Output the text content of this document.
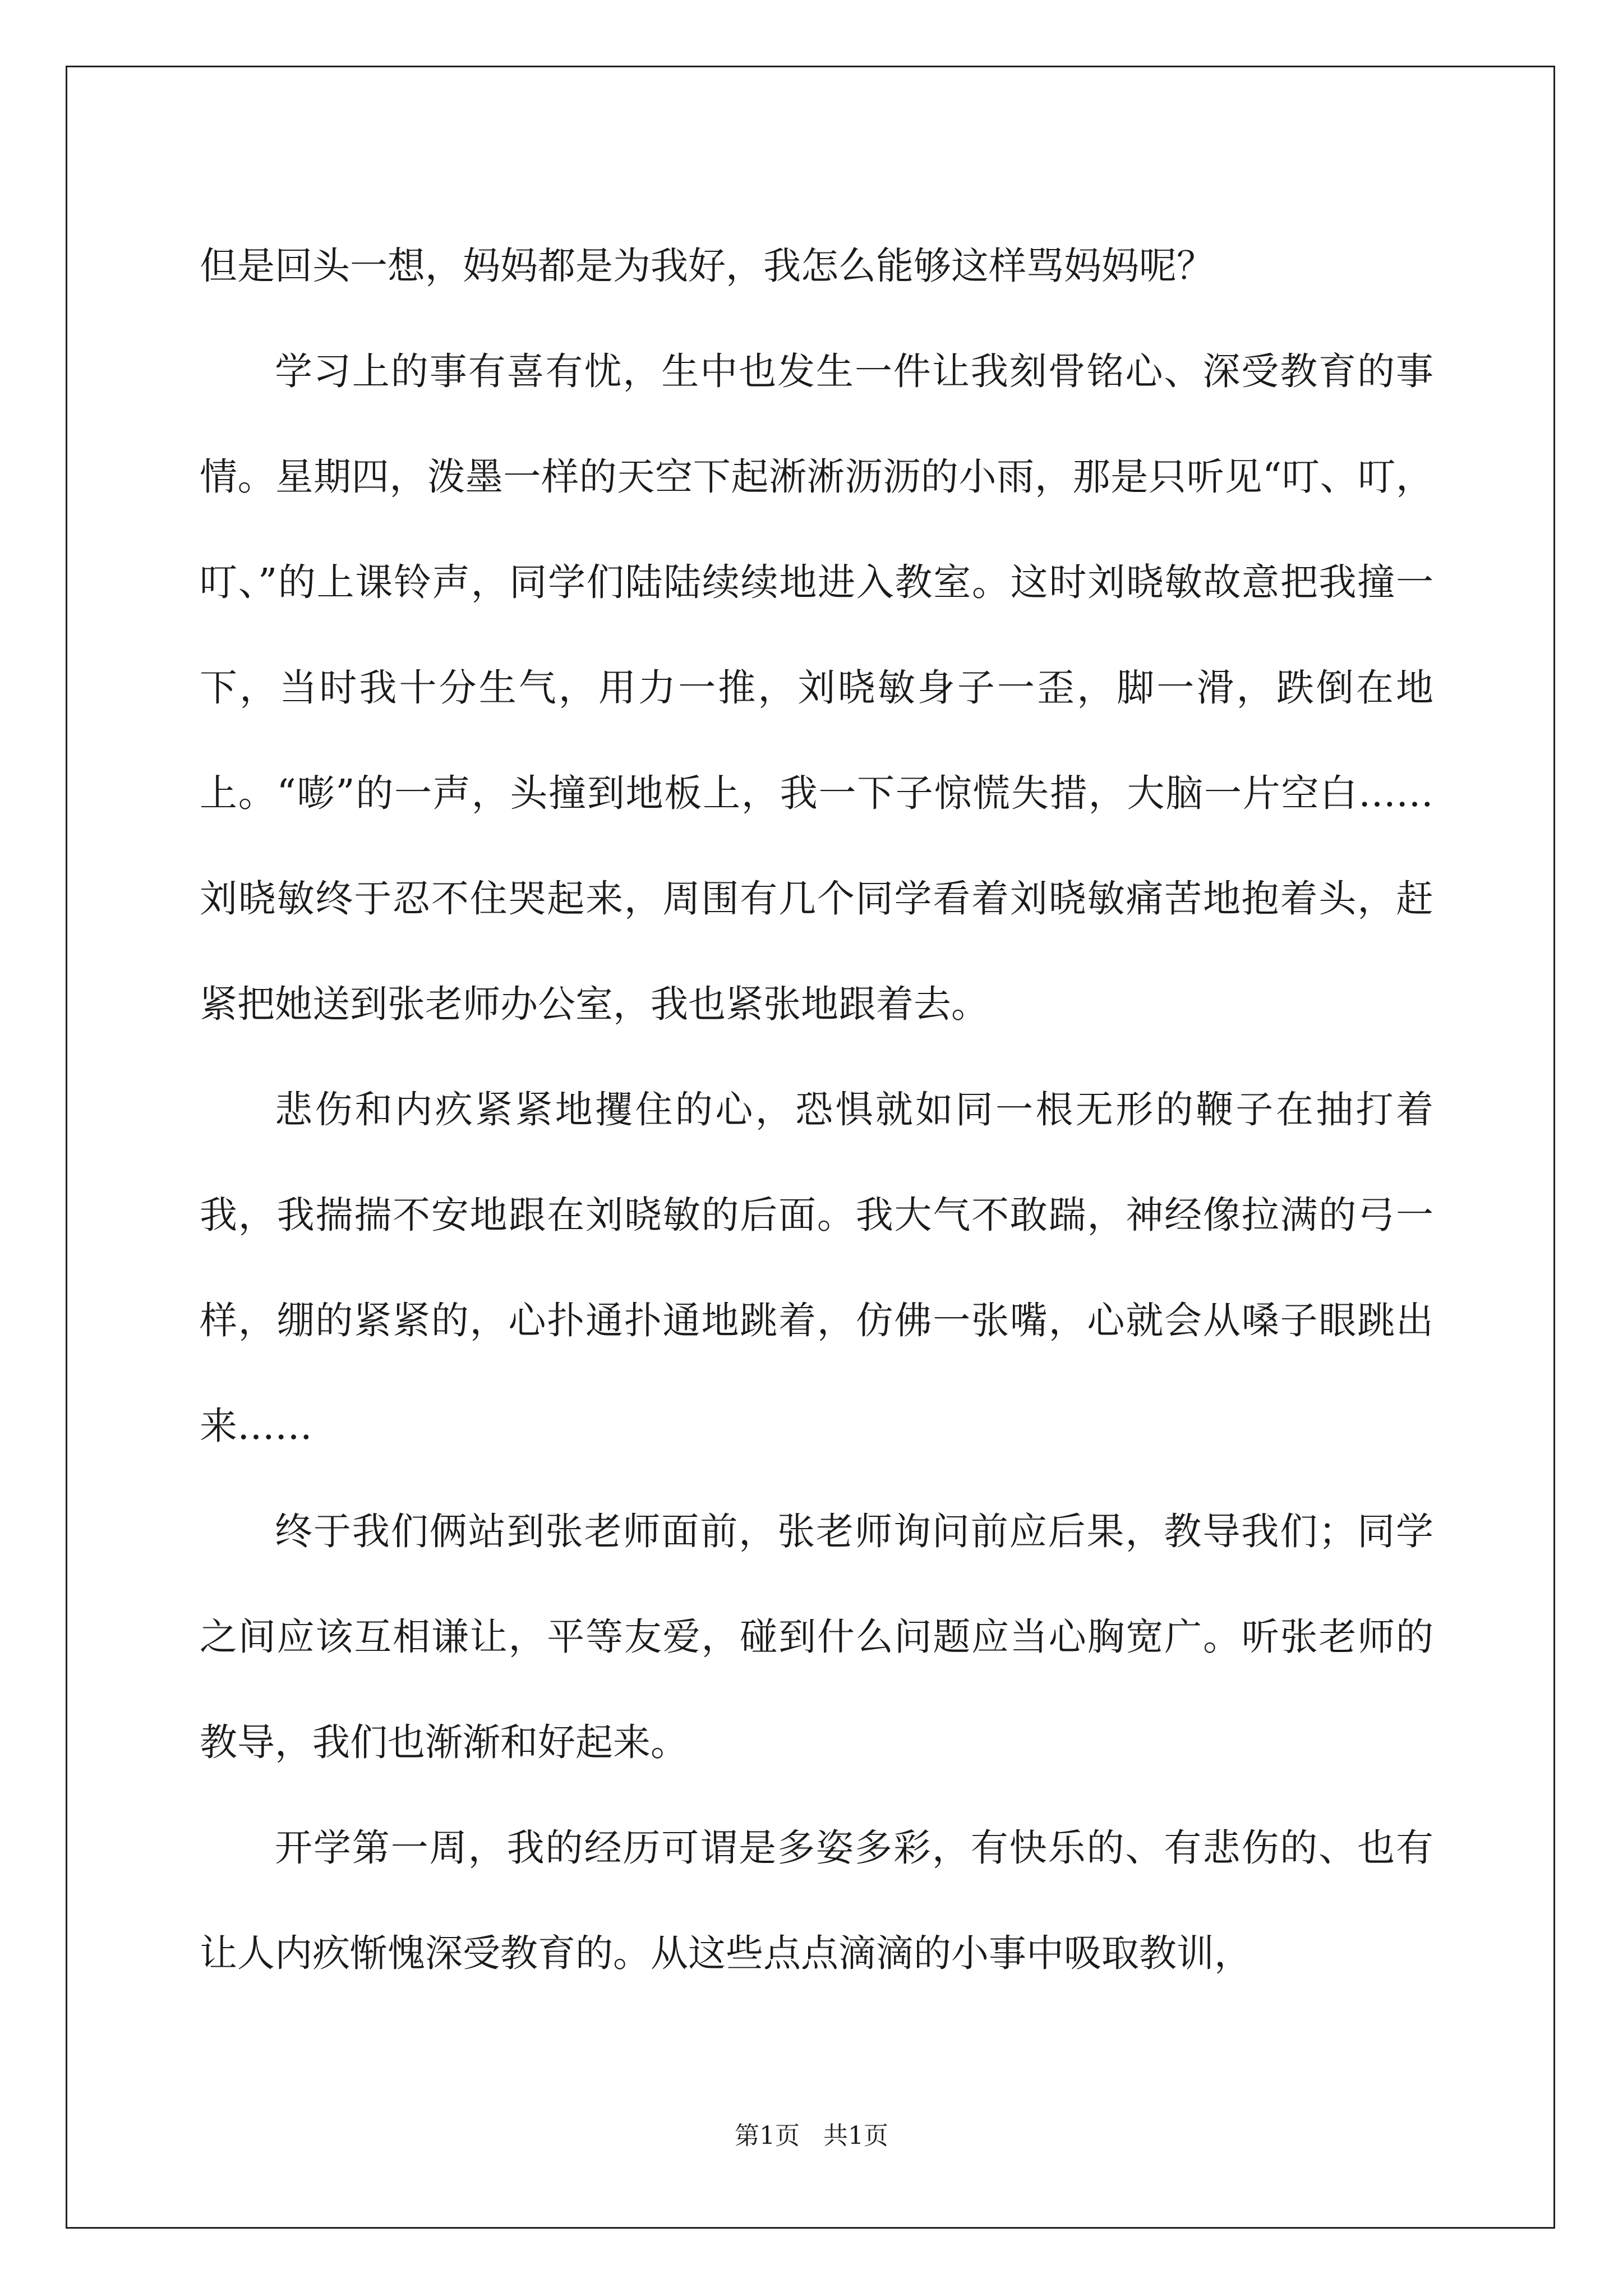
但是回头一想，妈妈都是为我好，我怎么能够这样骂妈妈呢？

学习上的事有喜有忧，生中也发生一件让我刻骨铭心、深受教育的事情。星期四，泼墨一样的天空下起淅淅沥沥的小雨，那是只听见“叮、叮，叮、”的上课铃声，同学们陆陆续续地进入教室。这时刘晓敏故意把我撞一下，当时我十分生气，用力一推，刘晓敏身子一歪，脚一滑，跌倒在地上。“嘭”的一声，头撞到地板上，我一下子惊慌失措，大脑一片空白……刘晓敏终于忍不住哭起来，周围有几个同学看着刘晓敏痛苦地抱着头，赶紧把她送到张老师办公室，我也紧张地跟着去。

悲伤和内疚紧紧地攫住的心，恐惧就如同一根无形的鞭子在抽打着我，我揣揣不安地跟在刘晓敏的后面。我大气不敢踹，神经像拉满的弓一样，绷的紧紧的，心扑通扑通地跳着，仿佛一张嘴，心就会从嗓子眼跳出来……

终于我们俩站到张老师面前，张老师询问前应后果，教导我们；同学之间应该互相谦让，平等友爱，碰到什么问题应当心胸宽广。听张老师的教导，我们也渐渐和好起来。

开学第一周，我的经历可谓是多姿多彩，有快乐的、有悲伤的、也有让人内疚惭愧深受教育的。从这些点点滴滴的小事中吸取教训，

第1页   共1页
